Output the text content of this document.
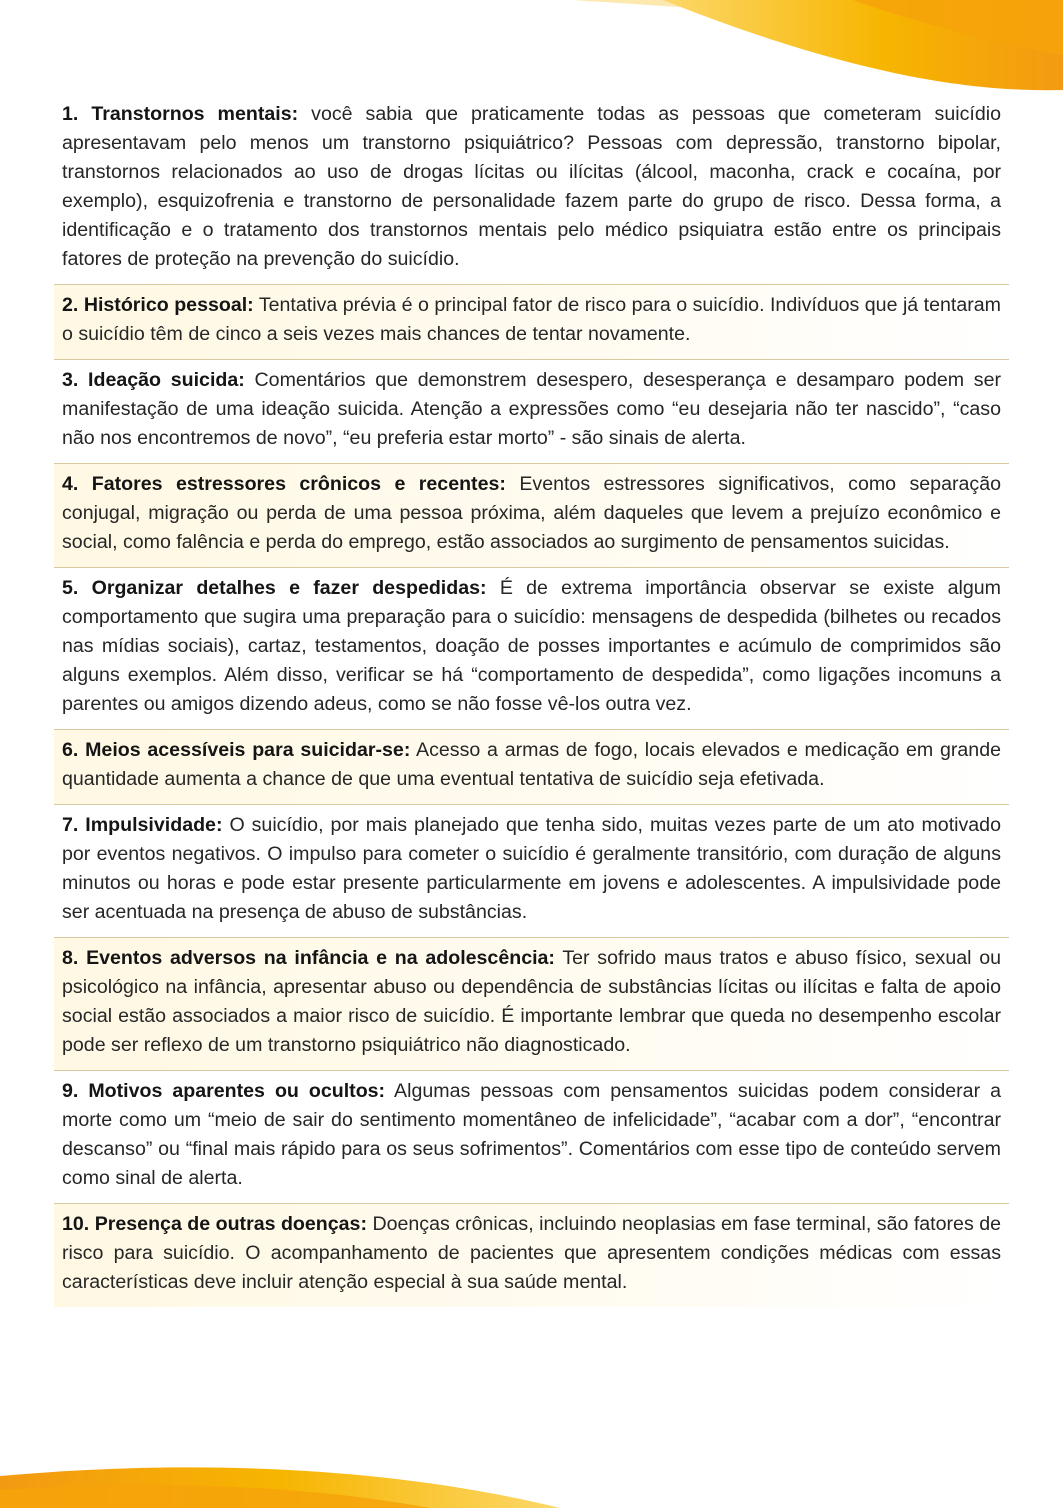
1. Transtornos mentais: você sabia que praticamente todas as pessoas que cometeram suicídio apresentavam pelo menos um transtorno psiquiátrico? Pessoas com depressão, transtorno bipolar, transtornos relacionados ao uso de drogas lícitas ou ilícitas (álcool, maconha, crack e cocaína, por exemplo), esquizofrenia e transtorno de personalidade fazem parte do grupo de risco. Dessa forma, a identificação e o tratamento dos transtornos mentais pelo médico psiquiatra estão entre os principais fatores de proteção na prevenção do suicídio.
2. Histórico pessoal: Tentativa prévia é o principal fator de risco para o suicídio. Indivíduos que já tentaram o suicídio têm de cinco a seis vezes mais chances de tentar novamente.
3. Ideação suicida: Comentários que demonstrem desespero, desesperança e desamparo podem ser manifestação de uma ideação suicida. Atenção a expressões como “eu desejaria não ter nascido”, “caso não nos encontremos de novo”, “eu preferia estar morto” - são sinais de alerta.
4. Fatores estressores crônicos e recentes: Eventos estressores significativos, como separação conjugal, migração ou perda de uma pessoa próxima, além daqueles que levem a prejuízo econômico e social, como falência e perda do emprego, estão associados ao surgimento de pensamentos suicidas.
5. Organizar detalhes e fazer despedidas: É de extrema importância observar se existe algum comportamento que sugira uma preparação para o suicídio: mensagens de despedida (bilhetes ou recados nas mídias sociais), cartaz, testamentos, doação de posses importantes e acúmulo de comprimidos são alguns exemplos. Além disso, verificar se há “comportamento de despedida”, como ligações incomuns a parentes ou amigos dizendo adeus, como se não fosse vê-los outra vez.
6. Meios acessíveis para suicidar-se: Acesso a armas de fogo, locais elevados e medicação em grande quantidade aumenta a chance de que uma eventual tentativa de suicídio seja efetivada.
7. Impulsividade: O suicídio, por mais planejado que tenha sido, muitas vezes parte de um ato motivado por eventos negativos. O impulso para cometer o suicídio é geralmente transitório, com duração de alguns minutos ou horas e pode estar presente particularmente em jovens e adolescentes. A impulsividade pode ser acentuada na presença de abuso de substâncias.
8. Eventos adversos na infância e na adolescência: Ter sofrido maus tratos e abuso físico, sexual ou psicológico na infância, apresentar abuso ou dependência de substâncias lícitas ou ilícitas e falta de apoio social estão associados a maior risco de suicídio. É importante lembrar que queda no desempenho escolar pode ser reflexo de um transtorno psiquiátrico não diagnosticado.
9. Motivos aparentes ou ocultos: Algumas pessoas com pensamentos suicidas podem considerar a morte como um “meio de sair do sentimento momentâneo de infelicidade”, “acabar com a dor”, “encontrar descanso” ou “final mais rápido para os seus sofrimentos”. Comentários com esse tipo de conteúdo servem como sinal de alerta.
10. Presença de outras doenças: Doenças crônicas, incluindo neoplasias em fase terminal, são fatores de risco para suicídio. O acompanhamento de pacientes que apresentem condições médicas com essas características deve incluir atenção especial à sua saúde mental.
